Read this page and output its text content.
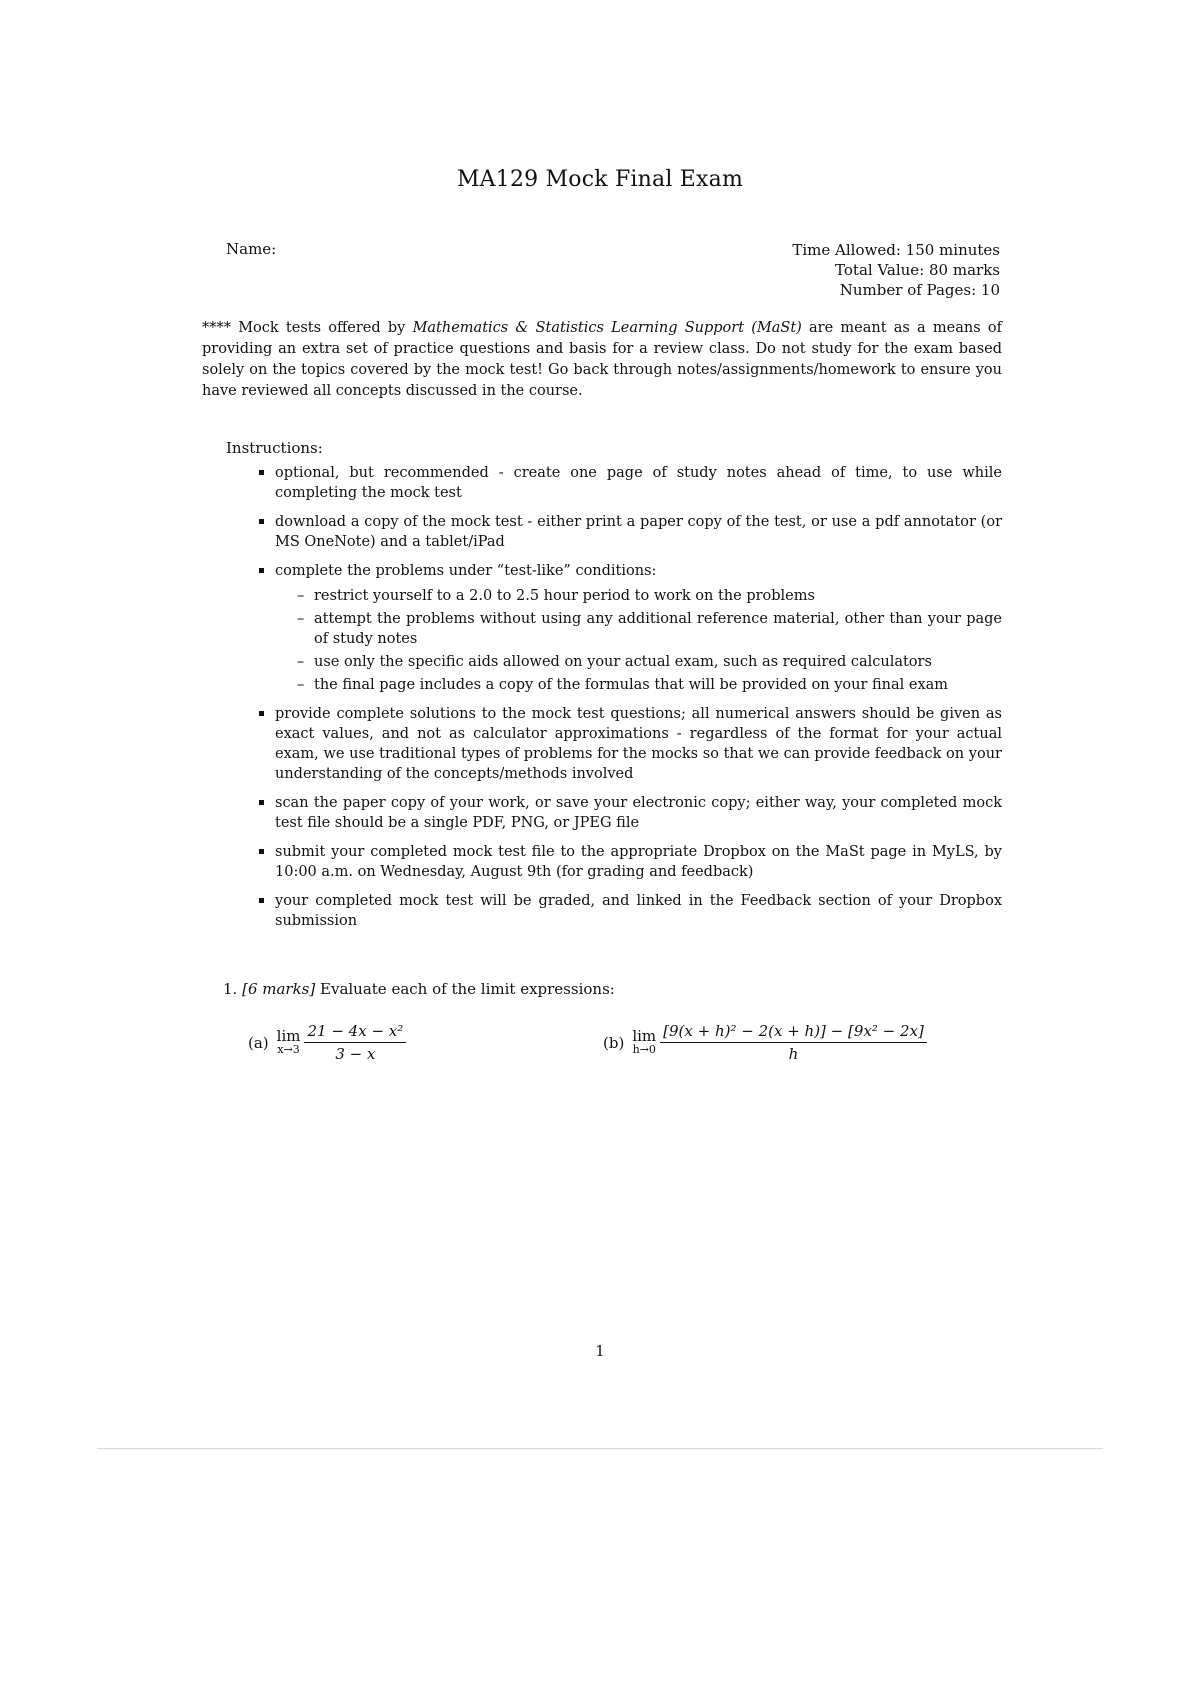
MA129 Mock Final Exam
Name:	Time Allowed: 150 minutes
Total Value: 80 marks
Number of Pages: 10
**** Mock tests offered by Mathematics & Statistics Learning Support (MaSt) are meant as a means of providing an extra set of practice questions and basis for a review class. Do not study for the exam based solely on the topics covered by the mock test! Go back through notes/assignments/homework to ensure you have reviewed all concepts discussed in the course.
Instructions:
optional, but recommended - create one page of study notes ahead of time, to use while completing the mock test
download a copy of the mock test - either print a paper copy of the test, or use a pdf annotator (or MS OneNote) and a tablet/iPad
complete the problems under “test-like” conditions:
– restrict yourself to a 2.0 to 2.5 hour period to work on the problems
– attempt the problems without using any additional reference material, other than your page of study notes
– use only the specific aids allowed on your actual exam, such as required calculators
– the final page includes a copy of the formulas that will be provided on your final exam
provide complete solutions to the mock test questions; all numerical answers should be given as exact values, and not as calculator approximations - regardless of the format for your actual exam, we use traditional types of problems for the mocks so that we can provide feedback on your understanding of the concepts/methods involved
scan the paper copy of your work, or save your electronic copy; either way, your completed mock test file should be a single PDF, PNG, or JPEG file
submit your completed mock test file to the appropriate Dropbox on the MaSt page in MyLS, by 10:00 a.m. on Wednesday, August 9th (for grading and feedback)
your completed mock test will be graded, and linked in the Feedback section of your Dropbox submission
1. [6 marks] Evaluate each of the limit expressions:
(a) lim
$x\to 3 \frac{\text{21 − 4x − x²}}{3 - x}$	(b) lim
$h\to 0 \frac{\text{[9(x + h)² − 2(x + h)] − [9x² − 2x]}}{h}$
1
